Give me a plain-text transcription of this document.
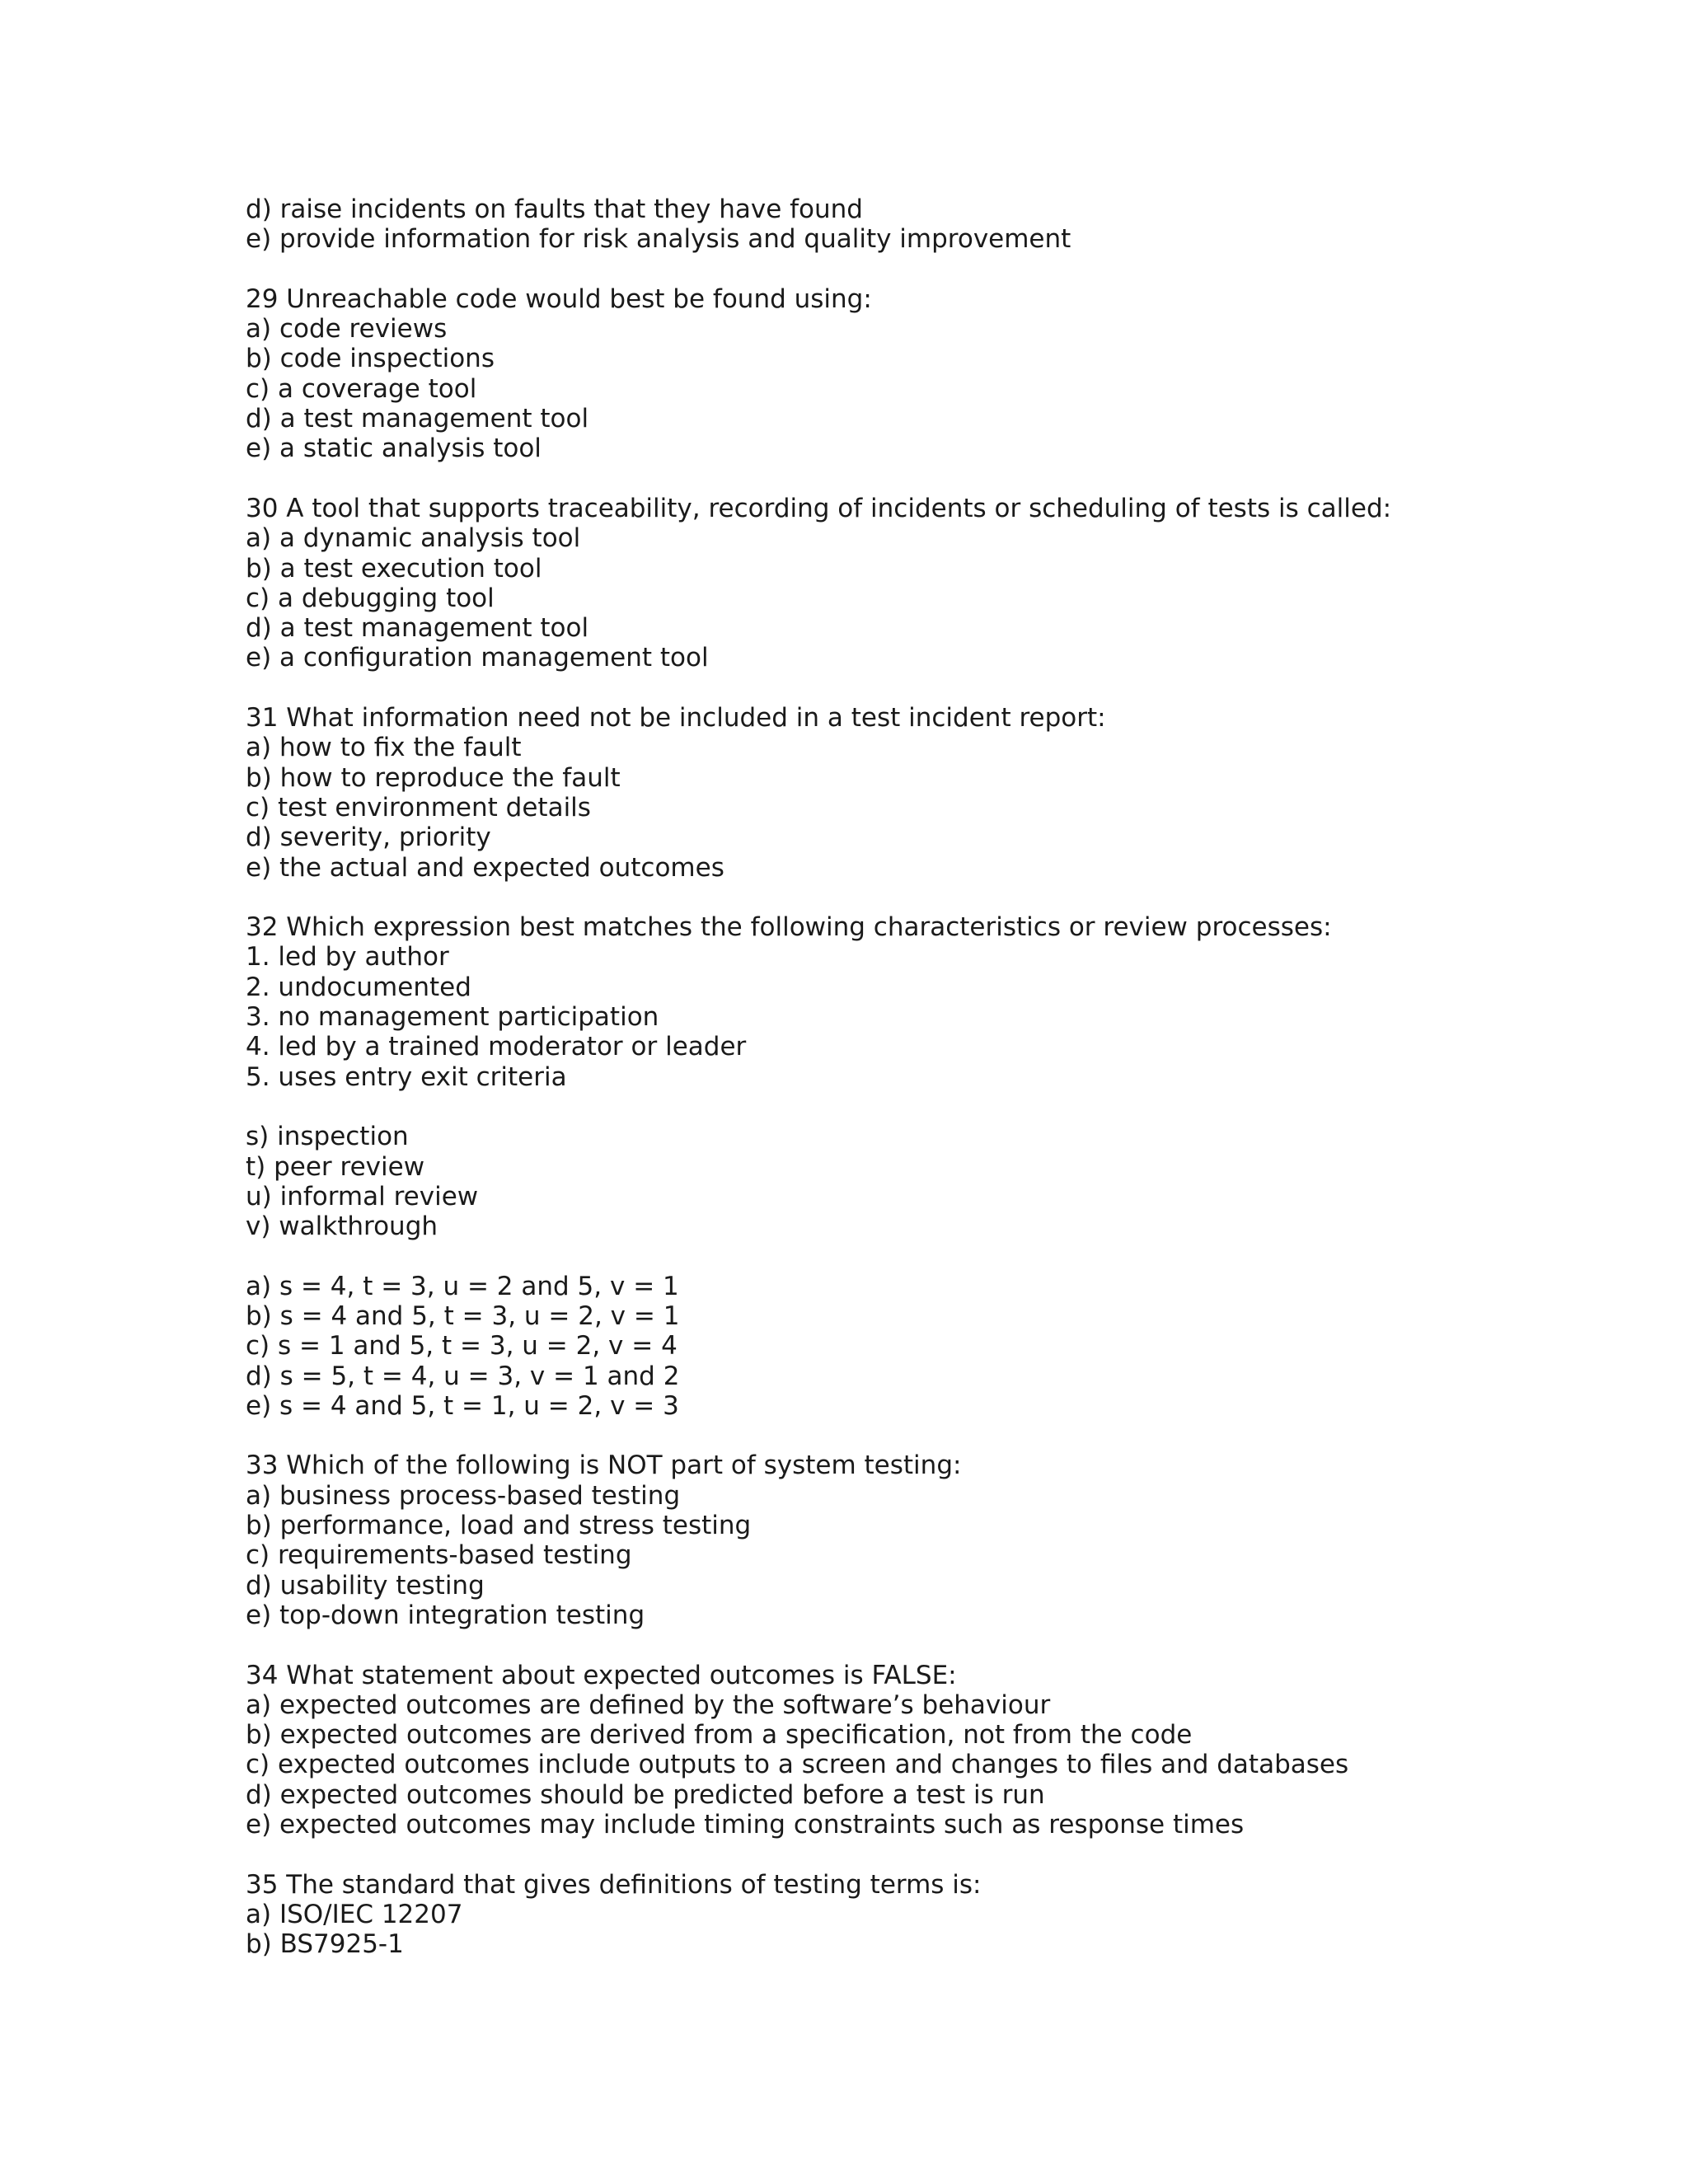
d) raise incidents on faults that they have found
e) provide information for risk analysis and quality improvement
29 Unreachable code would best be found using:
a) code reviews
b) code inspections
c) a coverage tool
d) a test management tool
e) a static analysis tool
30 A tool that supports traceability, recording of incidents or scheduling of tests is called:
a) a dynamic analysis tool
b) a test execution tool
c) a debugging tool
d) a test management tool
e) a configuration management tool
31 What information need not be included in a test incident report:
a) how to fix the fault
b) how to reproduce the fault
c) test environment details
d) severity, priority
e) the actual and expected outcomes
32 Which expression best matches the following characteristics or review processes:
1. led by author
2. undocumented
3. no management participation
4. led by a trained moderator or leader
5. uses entry exit criteria
s) inspection
t) peer review
u) informal review
v) walkthrough
a) s = 4, t = 3, u = 2 and 5, v = 1
b) s = 4 and 5, t = 3, u = 2, v = 1
c) s = 1 and 5, t = 3, u = 2, v = 4
d) s = 5, t = 4, u = 3, v = 1 and 2
e) s = 4 and 5, t = 1, u = 2, v = 3
33 Which of the following is NOT part of system testing:
a) business process-based testing
b) performance, load and stress testing
c) requirements-based testing
d) usability testing
e) top-down integration testing
34 What statement about expected outcomes is FALSE:
a) expected outcomes are defined by the software’s behaviour
b) expected outcomes are derived from a specification, not from the code
c) expected outcomes include outputs to a screen and changes to files and databases
d) expected outcomes should be predicted before a test is run
e) expected outcomes may include timing constraints such as response times
35 The standard that gives definitions of testing terms is:
a) ISO/IEC 12207
b) BS7925-1
